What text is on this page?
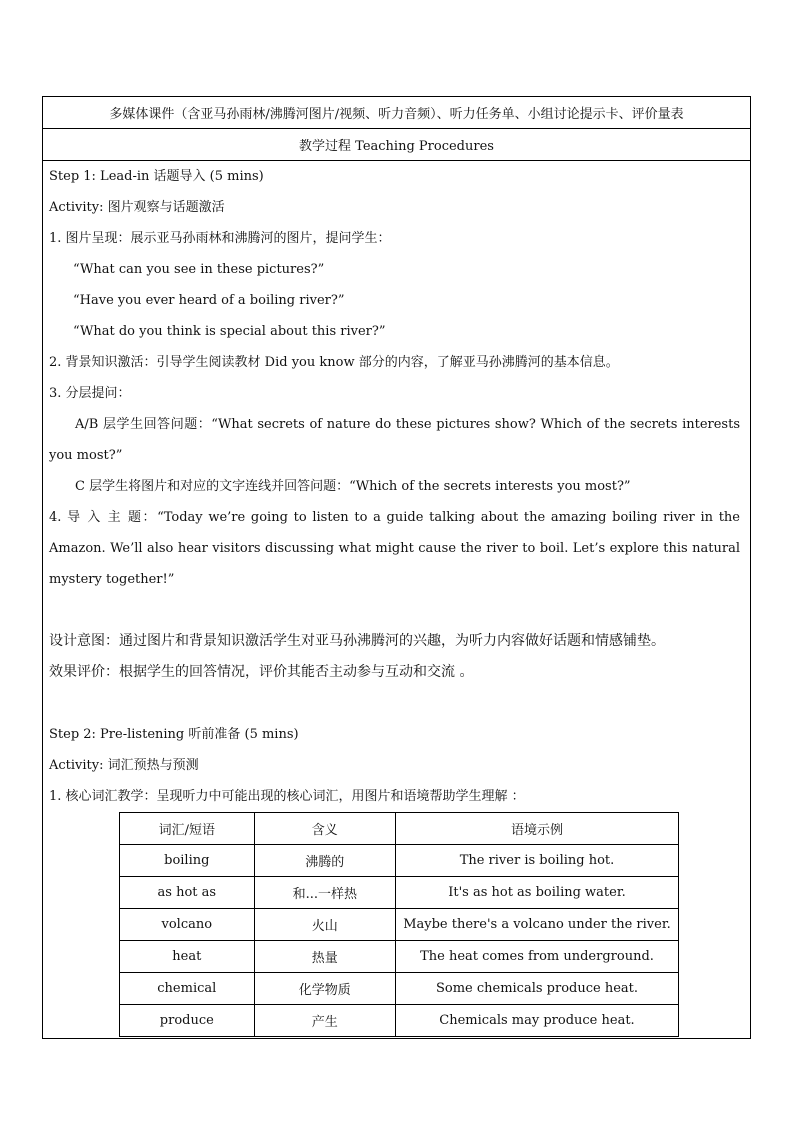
多媒体课件（含亚马孙雨林/沸腾河图片/视频、听力音频）、听力任务单、小组讨论提示卡、评价量表
教学过程 Teaching Procedures
Step 1: Lead-in 话题导入 (5 mins)
Activity: 图片观察与话题激活
1. 图片呈现：展示亚马孙雨林和沸腾河的图片，提问学生：
“What can you see in these pictures?”
“Have you ever heard of a boiling river?”
“What do you think is special about this river?”
2. 背景知识激活：引导学生阅读教材 Did you know 部分的内容，了解亚马孙沸腾河的基本信息。
3. 分层提问：
A/B 层学生回答问题：“What secrets of nature do these pictures show? Which of the secrets interests
you most?”
C 层学生将图片和对应的文字连线并回答问题：“Which of the secrets interests you most?”
4. 导 入 主 题：“Today we’re going to listen to a guide talking about the amazing boiling river in the
Amazon. We’ll also hear visitors discussing what might cause the river to boil. Let’s explore this natural
mystery together!”
设计意图：通过图片和背景知识激活学生对亚马孙沸腾河的兴趣，为听力内容做好话题和情感铺垫。
效果评价：根据学生的回答情况，评价其能否主动参与互动和交流 。
Step 2: Pre-listening 听前准备 (5 mins)
Activity: 词汇预热与预测
1. 核心词汇教学：呈现听力中可能出现的核心词汇，用图片和语境帮助学生理解 ：
词汇/短语	含义	语境示例
boiling	沸腾的	The river is boiling hot.
as hot as	和...一样热	It's as hot as boiling water.
volcano	火山	Maybe there's a volcano under the river.
heat	热量	The heat comes from underground.
chemical	化学物质	Some chemicals produce heat.
produce	产生	Chemicals may produce heat.
